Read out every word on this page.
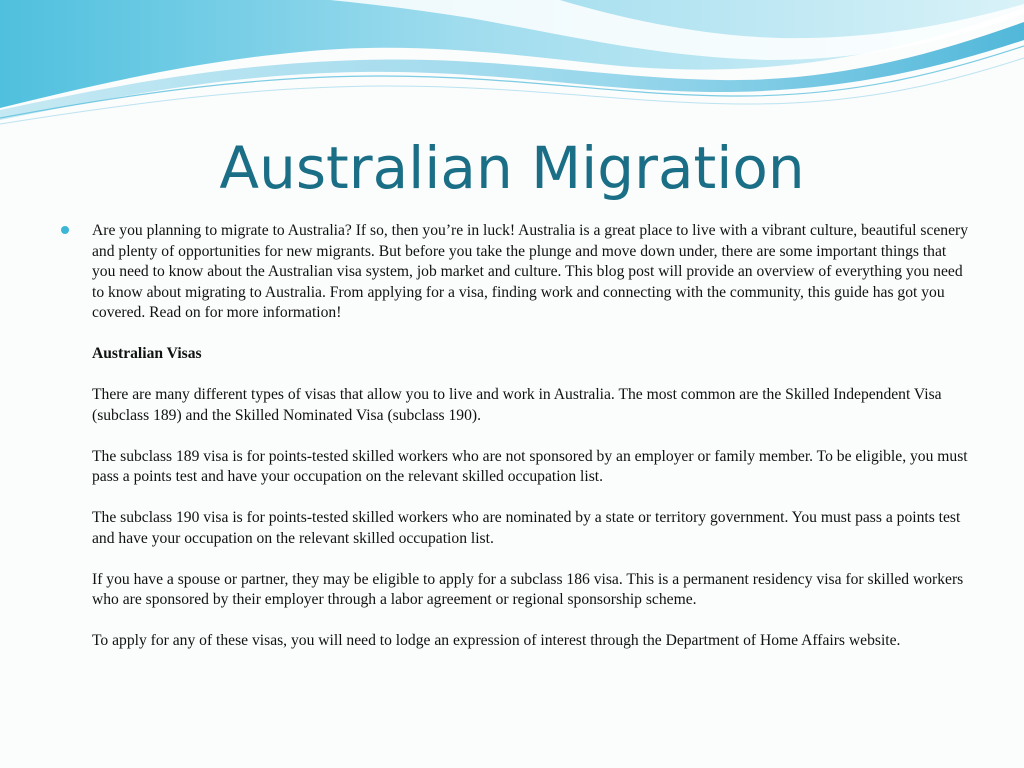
Australian Migration

Are you planning to migrate to Australia? If so, then you’re in luck! Australia is a great place to live with a vibrant culture, beautiful scenery and plenty of opportunities for new migrants. But before you take the plunge and move down under, there are some important things that you need to know about the Australian visa system, job market and culture. This blog post will provide an overview of everything you need to know about migrating to Australia. From applying for a visa, finding work and connecting with the community, this guide has got you covered. Read on for more information!

Australian Visas

There are many different types of visas that allow you to live and work in Australia. The most common are the Skilled Independent Visa (subclass 189) and the Skilled Nominated Visa (subclass 190).

The subclass 189 visa is for points-tested skilled workers who are not sponsored by an employer or family member. To be eligible, you must pass a points test and have your occupation on the relevant skilled occupation list.

The subclass 190 visa is for points-tested skilled workers who are nominated by a state or territory government. You must pass a points test and have your occupation on the relevant skilled occupation list.

If you have a spouse or partner, they may be eligible to apply for a subclass 186 visa. This is a permanent residency visa for skilled workers who are sponsored by their employer through a labor agreement or regional sponsorship scheme.

To apply for any of these visas, you will need to lodge an expression of interest through the Department of Home Affairs website.
